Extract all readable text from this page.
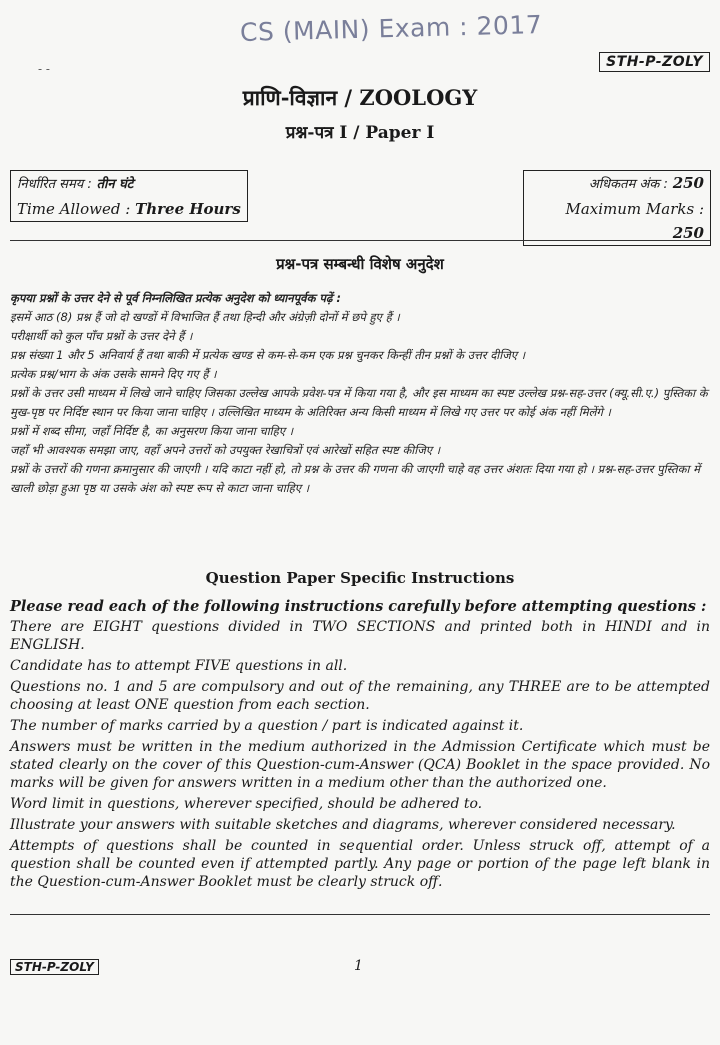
CS (MAIN) Exam : 2017
- -	STH-P-ZOLY
प्राणि-विज्ञान / ZOOLOGY
प्रश्न-पत्र I / Paper I
निर्धारित समय : तीन घंटे
Time Allowed : Three Hours
अधिकतम अंक : 250
Maximum Marks : 250
प्रश्न-पत्र सम्बन्धी विशेष अनुदेश

कृपया प्रश्नों के उत्तर देने से पूर्व निम्नलिखित प्रत्येक अनुदेश को ध्यानपूर्वक पढ़ें :

इसमें आठ (8) प्रश्न हैं जो दो खण्डों में विभाजित हैं तथा हिन्दी और अंग्रेज़ी दोनों में छपे हुए हैं ।

परीक्षार्थी को कुल पाँच प्रश्नों के उत्तर देने हैं ।

प्रश्न संख्या 1 और 5 अनिवार्य हैं तथा बाकी में प्रत्येक खण्ड से कम-से-कम एक प्रश्न चुनकर किन्हीं तीन प्रश्नों के उत्तर दीजिए ।

प्रत्येक प्रश्न/भाग के अंक उसके सामने दिए गए हैं ।

प्रश्नों के उत्तर उसी माध्यम में लिखे जाने चाहिए जिसका उल्लेख आपके प्रवेश-पत्र में किया गया है, और इस माध्यम का स्पष्ट उल्लेख प्रश्न-सह-उत्तर (क्यू.सी.ए.) पुस्तिका के मुख-पृष्ठ पर निर्दिष्ट स्थान पर किया जाना चाहिए । उल्लिखित माध्यम के अतिरिक्त अन्य किसी माध्यम में लिखे गए उत्तर पर कोई अंक नहीं मिलेंगे ।

प्रश्नों में शब्द सीमा, जहाँ निर्दिष्ट है, का अनुसरण किया जाना चाहिए ।

जहाँ भी आवश्यक समझा जाए, वहाँ अपने उत्तरों को उपयुक्त रेखाचित्रों एवं आरेखों सहित स्पष्ट कीजिए ।

प्रश्नों के उत्तरों की गणना क्रमानुसार की जाएगी । यदि काटा नहीं हो, तो प्रश्न के उत्तर की गणना की जाएगी चाहे वह उत्तर अंशतः दिया गया हो । प्रश्न-सह-उत्तर पुस्तिका में खाली छोड़ा हुआ पृष्ठ या उसके अंश को स्पष्ट रूप से काटा जाना चाहिए ।

Question Paper Specific Instructions

Please read each of the following instructions carefully before attempting questions :

There are EIGHT questions divided in TWO SECTIONS and printed both in HINDI and in ENGLISH.

Candidate has to attempt FIVE questions in all.

Questions no. 1 and 5 are compulsory and out of the remaining, any THREE are to be attempted choosing at least ONE question from each section.

The number of marks carried by a question / part is indicated against it.

Answers must be written in the medium authorized in the Admission Certificate which must be stated clearly on the cover of this Question-cum-Answer (QCA) Booklet in the space provided. No marks will be given for answers written in a medium other than the authorized one.

Word limit in questions, wherever specified, should be adhered to.

Illustrate your answers with suitable sketches and diagrams, wherever considered necessary.

Attempts of questions shall be counted in sequential order. Unless struck off, attempt of a question shall be counted even if attempted partly. Any page or portion of the page left blank in the Question-cum-Answer Booklet must be clearly struck off.

STH-P-ZOLY	1
